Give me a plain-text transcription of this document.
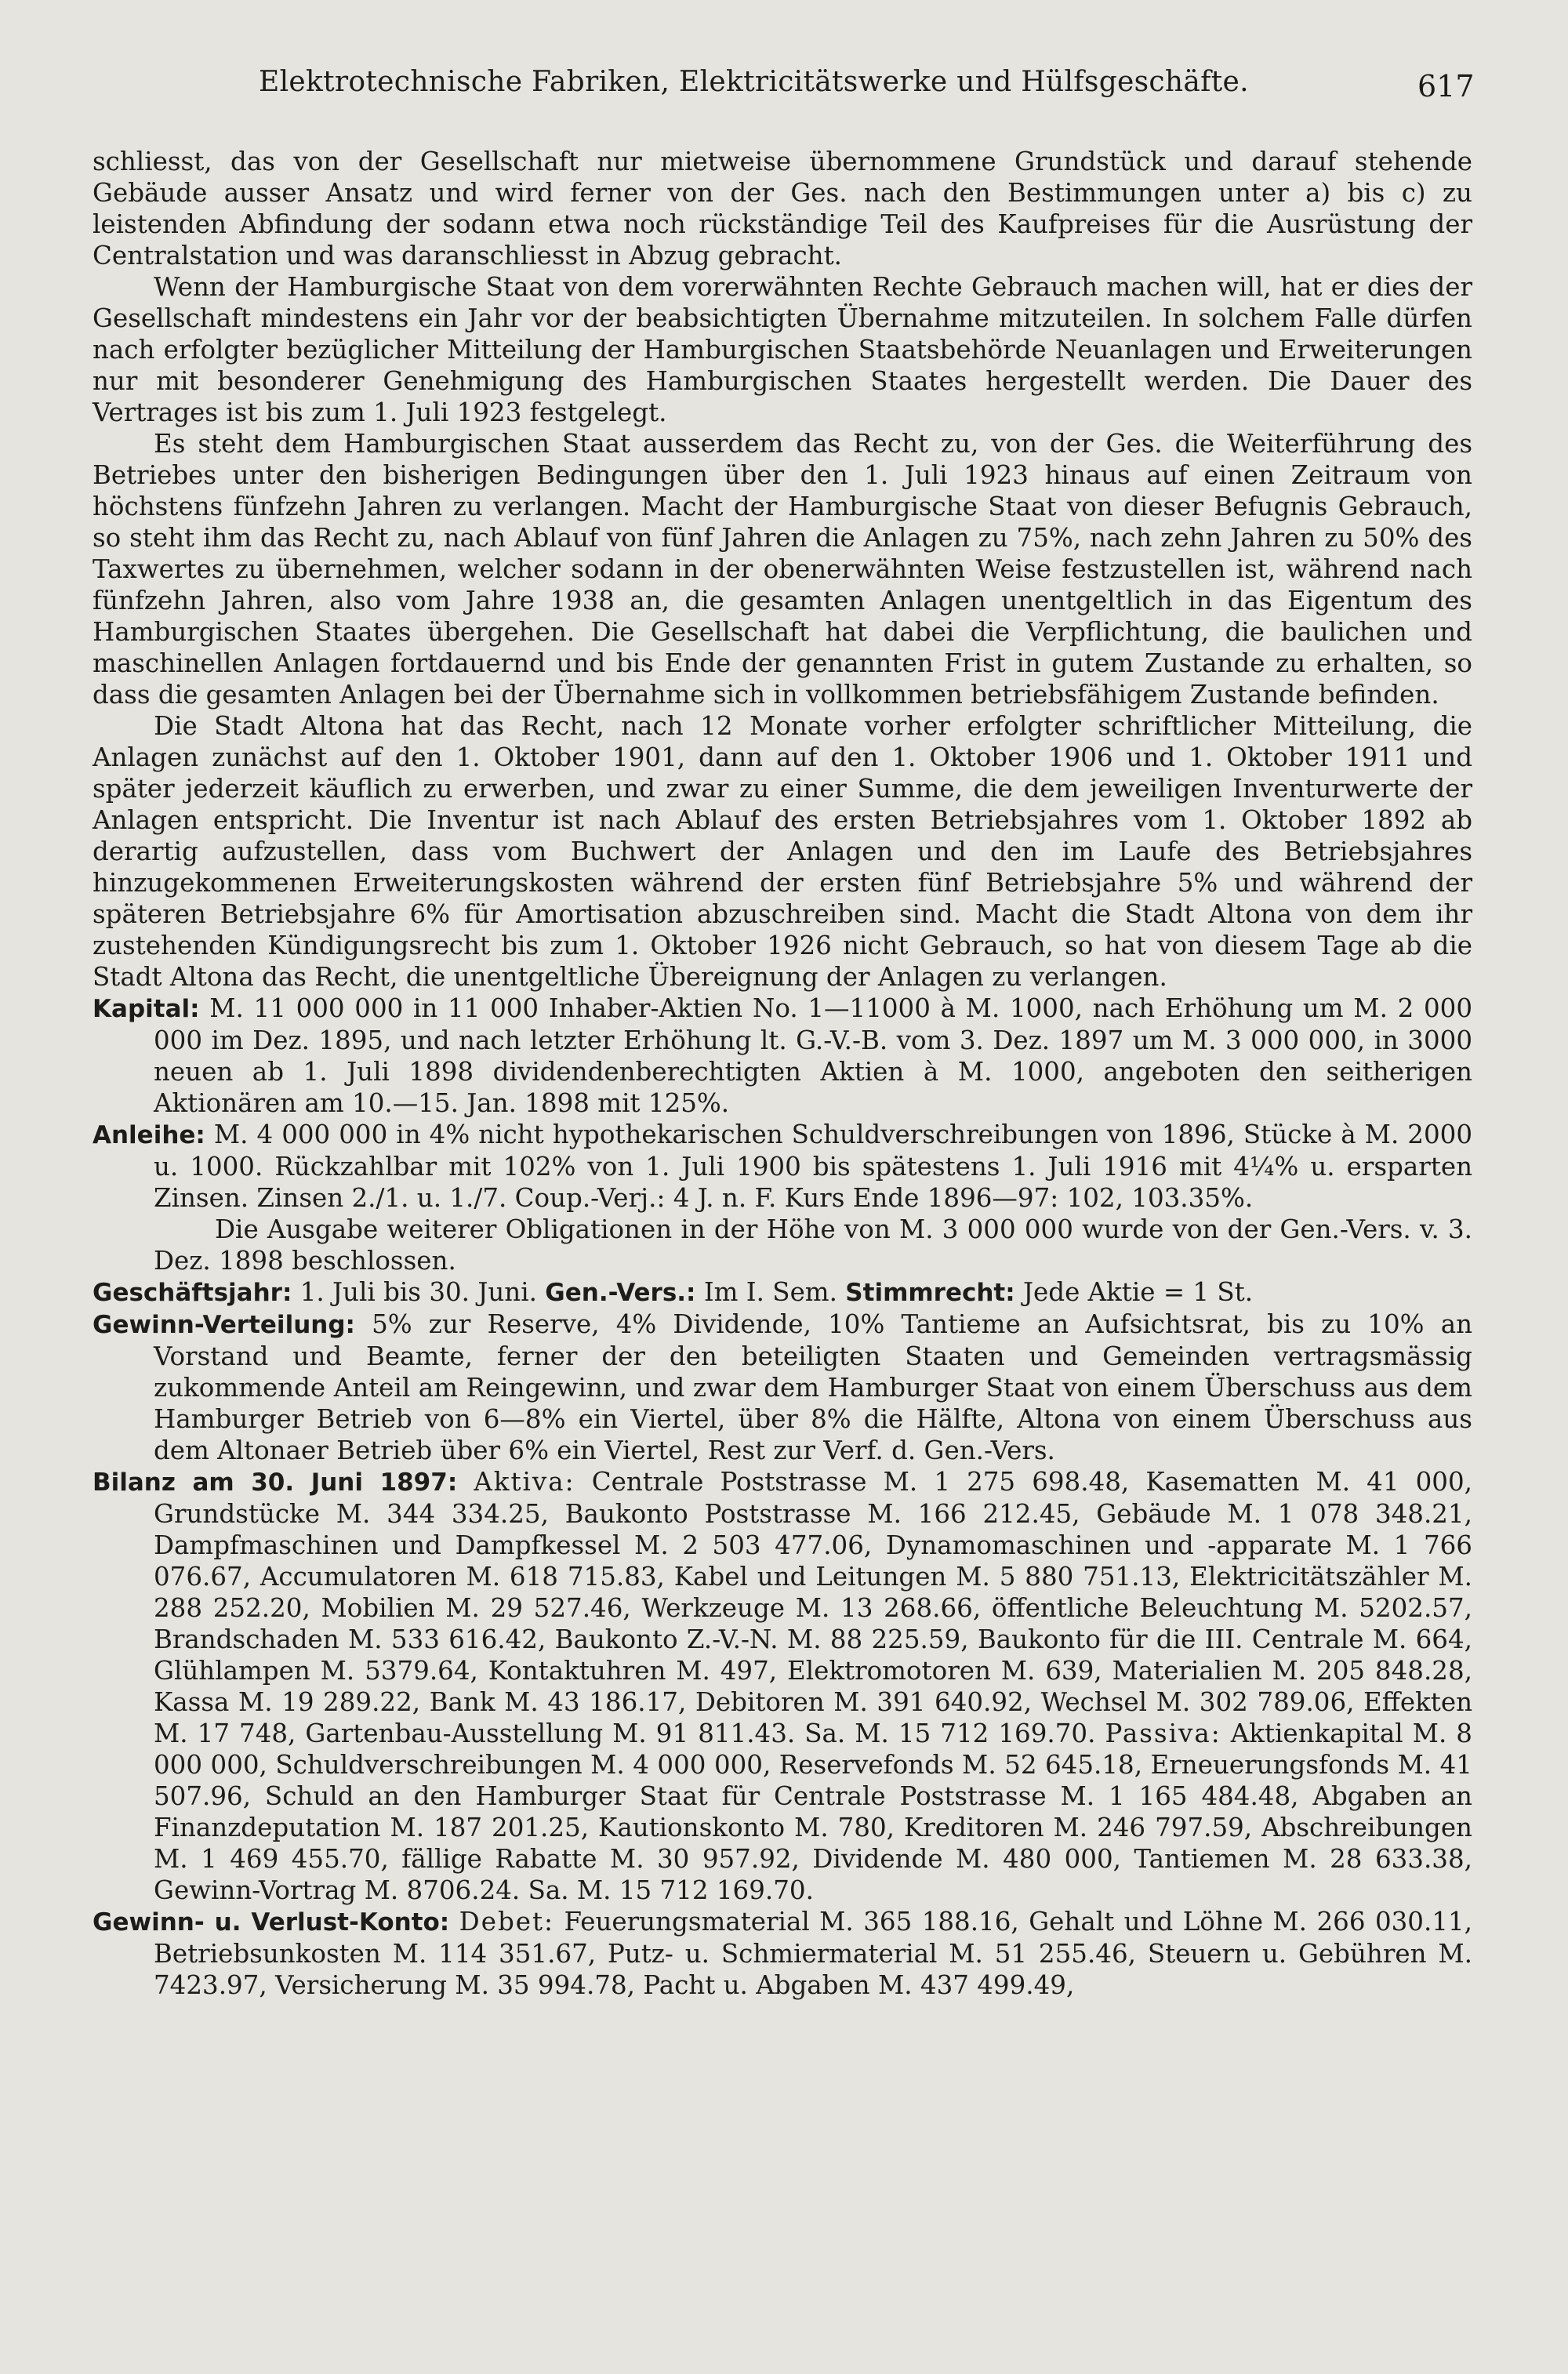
Elektrotechnische Fabriken, Elektricitätswerke und Hülfsgeschäfte.	617

schliesst, das von der Gesellschaft nur mietweise übernommene Grundstück und darauf stehende Gebäude ausser Ansatz und wird ferner von der Ges. nach den Bestimmungen unter a) bis c) zu leistenden Abfindung der sodann etwa noch rückständige Teil des Kaufpreises für die Ausrüstung der Centralstation und was daranschliesst in Abzug gebracht.

Wenn der Hamburgische Staat von dem vorerwähnten Rechte Gebrauch machen will, hat er dies der Gesellschaft mindestens ein Jahr vor der beabsichtigten Übernahme mitzuteilen. In solchem Falle dürfen nach erfolgter bezüglicher Mitteilung der Hamburgischen Staatsbehörde Neuanlagen und Erweiterungen nur mit besonderer Genehmigung des Hamburgischen Staates hergestellt werden. Die Dauer des Vertrages ist bis zum 1. Juli 1923 festgelegt.

Es steht dem Hamburgischen Staat ausserdem das Recht zu, von der Ges. die Weiterführung des Betriebes unter den bisherigen Bedingungen über den 1. Juli 1923 hinaus auf einen Zeitraum von höchstens fünfzehn Jahren zu verlangen. Macht der Hamburgische Staat von dieser Befugnis Gebrauch, so steht ihm das Recht zu, nach Ablauf von fünf Jahren die Anlagen zu 75%, nach zehn Jahren zu 50% des Taxwertes zu übernehmen, welcher sodann in der obenerwähnten Weise festzustellen ist, während nach fünfzehn Jahren, also vom Jahre 1938 an, die gesamten Anlagen unentgeltlich in das Eigentum des Hamburgischen Staates übergehen. Die Gesellschaft hat dabei die Verpflichtung, die baulichen und maschinellen Anlagen fortdauernd und bis Ende der genannten Frist in gutem Zustande zu erhalten, so dass die gesamten Anlagen bei der Übernahme sich in vollkommen betriebsfähigem Zustande befinden.

Die Stadt Altona hat das Recht, nach 12 Monate vorher erfolgter schriftlicher Mitteilung, die Anlagen zunächst auf den 1. Oktober 1901, dann auf den 1. Oktober 1906 und 1. Oktober 1911 und später jederzeit käuflich zu erwerben, und zwar zu einer Summe, die dem jeweiligen Inventurwerte der Anlagen entspricht. Die Inventur ist nach Ablauf des ersten Betriebsjahres vom 1. Oktober 1892 ab derartig aufzustellen, dass vom Buchwert der Anlagen und den im Laufe des Betriebsjahres hinzugekommenen Erweiterungskosten während der ersten fünf Betriebsjahre 5% und während der späteren Betriebsjahre 6% für Amortisation abzuschreiben sind. Macht die Stadt Altona von dem ihr zustehenden Kündigungsrecht bis zum 1. Oktober 1926 nicht Gebrauch, so hat von diesem Tage ab die Stadt Altona das Recht, die unentgeltliche Übereignung der Anlagen zu verlangen.

Kapital: M. 11 000 000 in 11 000 Inhaber-Aktien No. 1—11000 à M. 1000, nach Erhöhung um M. 2 000 000 im Dez. 1895, und nach letzter Erhöhung lt. G.-V.-B. vom 3. Dez. 1897 um M. 3 000 000, in 3000 neuen ab 1. Juli 1898 dividendenberechtigten Aktien à M. 1000, angeboten den seitherigen Aktionären am 10.—15. Jan. 1898 mit 125%.

Anleihe: M. 4 000 000 in 4% nicht hypothekarischen Schuldverschreibungen von 1896, Stücke à M. 2000 u. 1000. Rückzahlbar mit 102% von 1. Juli 1900 bis spätestens 1. Juli 1916 mit 4¼% u. ersparten Zinsen. Zinsen 2./1. u. 1./7. Coup.-Verj.: 4 J. n. F. Kurs Ende 1896—97: 102, 103.35%.

Die Ausgabe weiterer Obligationen in der Höhe von M. 3 000 000 wurde von der Gen.-Vers. v. 3. Dez. 1898 beschlossen.

Geschäftsjahr: 1. Juli bis 30. Juni. Gen.-Vers.: Im I. Sem. Stimmrecht: Jede Aktie = 1 St.

Gewinn-Verteilung: 5% zur Reserve, 4% Dividende, 10% Tantieme an Aufsichtsrat, bis zu 10% an Vorstand und Beamte, ferner der den beteiligten Staaten und Gemeinden vertragsmässig zukommende Anteil am Reingewinn, und zwar dem Hamburger Staat von einem Überschuss aus dem Hamburger Betrieb von 6—8% ein Viertel, über 8% die Hälfte, Altona von einem Überschuss aus dem Altonaer Betrieb über 6% ein Viertel, Rest zur Verf. d. Gen.-Vers.

Bilanz am 30. Juni 1897: Aktiva: Centrale Poststrasse M. 1 275 698.48, Kasematten M. 41 000, Grundstücke M. 344 334.25, Baukonto Poststrasse M. 166 212.45, Gebäude M. 1 078 348.21, Dampfmaschinen und Dampfkessel M. 2 503 477.06, Dynamomaschinen und -apparate M. 1 766 076.67, Accumulatoren M. 618 715.83, Kabel und Leitungen M. 5 880 751.13, Elektricitätszähler M. 288 252.20, Mobilien M. 29 527.46, Werkzeuge M. 13 268.66, öffentliche Beleuchtung M. 5202.57, Brandschaden M. 533 616.42, Baukonto Z.-V.-N. M. 88 225.59, Baukonto für die III. Centrale M. 664, Glühlampen M. 5379.64, Kontaktuhren M. 497, Elektromotoren M. 639, Materialien M. 205 848.28, Kassa M. 19 289.22, Bank M. 43 186.17, Debitoren M. 391 640.92, Wechsel M. 302 789.06, Effekten M. 17 748, Gartenbau-Ausstellung M. 91 811.43. Sa. M. 15 712 169.70. Passiva: Aktienkapital M. 8 000 000, Schuldverschreibungen M. 4 000 000, Reservefonds M. 52 645.18, Erneuerungsfonds M. 41 507.96, Schuld an den Hamburger Staat für Centrale Poststrasse M. 1 165 484.48, Abgaben an Finanzdeputation M. 187 201.25, Kautionskonto M. 780, Kreditoren M. 246 797.59, Abschreibungen M. 1 469 455.70, fällige Rabatte M. 30 957.92, Dividende M. 480 000, Tantiemen M. 28 633.38, Gewinn-Vortrag M. 8706.24. Sa. M. 15 712 169.70.

Gewinn- u. Verlust-Konto: Debet: Feuerungsmaterial M. 365 188.16, Gehalt und Löhne M. 266 030.11, Betriebsunkosten M. 114 351.67, Putz- u. Schmiermaterial M. 51 255.46, Steuern u. Gebühren M. 7423.97, Versicherung M. 35 994.78, Pacht u. Abgaben M. 437 499.49,
